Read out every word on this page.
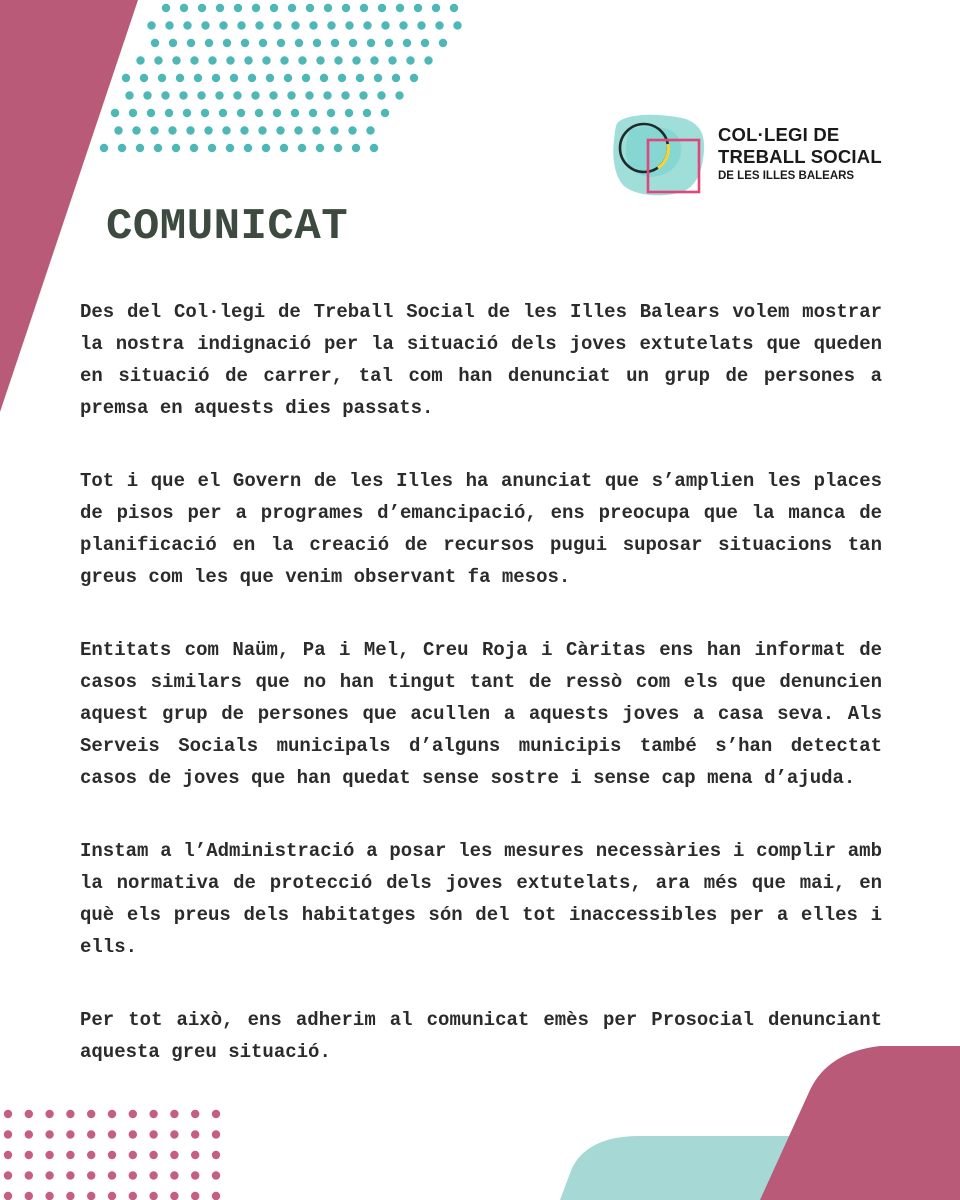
COL·LEGI DE
TREBALL SOCIAL
DE LES ILLES BALEARS
COMUNICAT

Des del Col·legi de Treball Social de les Illes Balears volem mostrar la nostra indignació per la situació dels joves extutelats que queden en situació de carrer, tal com han denunciat un grup de persones a premsa en aquests dies passats.

Tot i que el Govern de les Illes ha anunciat que s’amplien les places de pisos per a programes d’emancipació, ens preocupa que la manca de planificació en la creació de recursos pugui suposar situacions tan greus com les que venim observant fa mesos.

Entitats com Naüm, Pa i Mel, Creu Roja i Càritas ens han informat de casos similars que no han tingut tant de ressò com els que denuncien aquest grup de persones que acullen a aquests joves a casa seva. Als Serveis Socials municipals d’alguns municipis també s’han detectat casos de joves que han quedat sense sostre i sense cap mena d’ajuda.

Instam a l’Administració a posar les mesures necessàries i complir amb la normativa de protecció dels joves extutelats, ara més que mai, en què els preus dels habitatges són del tot inaccessibles per a elles i ells.

Per tot això, ens adherim al comunicat emès per Prosocial denunciant aquesta greu situació.
